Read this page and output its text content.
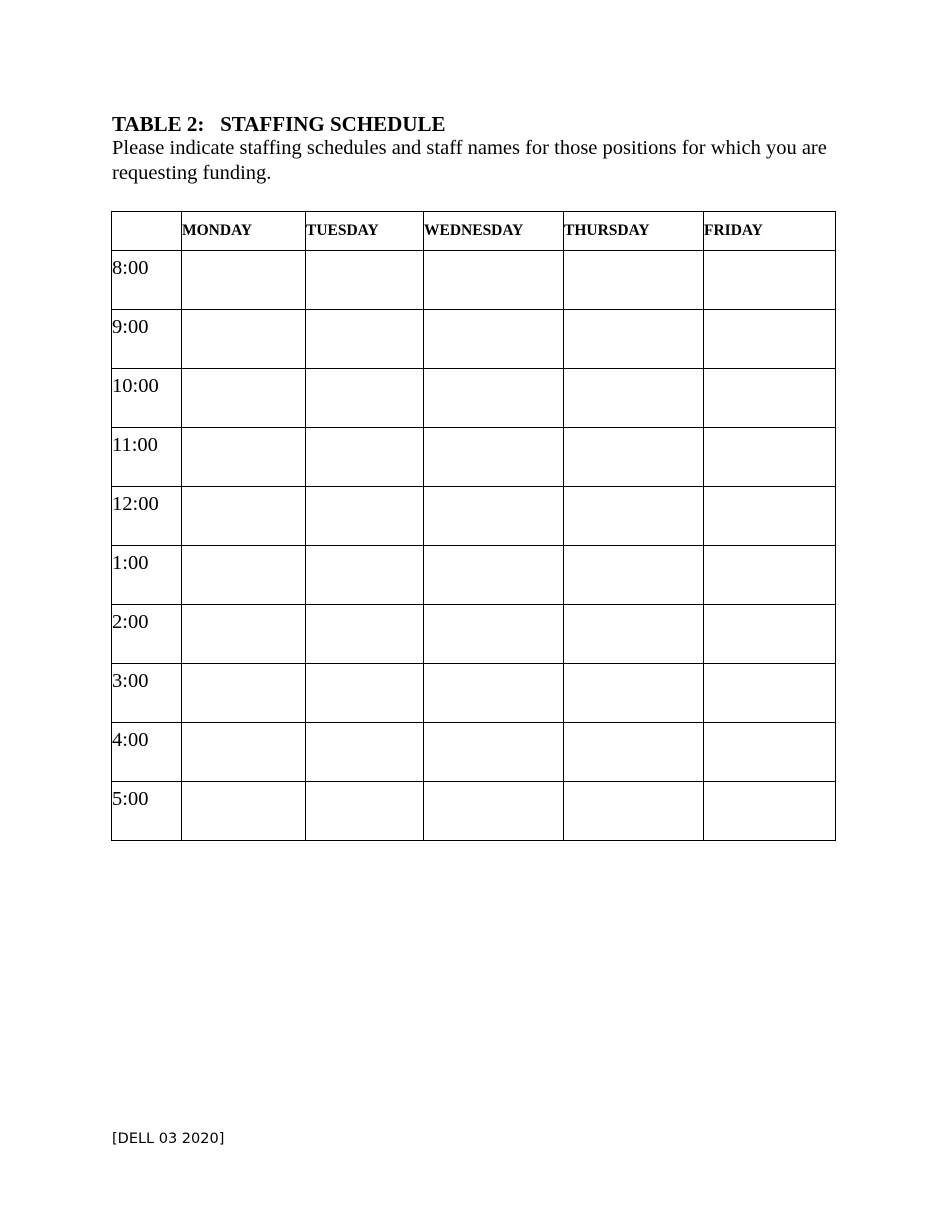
TABLE 2:   STAFFING SCHEDULE
Please indicate staffing schedules and staff names for those positions for which you are requesting funding.
	MONDAY	TUESDAY	WEDNESDAY	THURSDAY	FRIDAY
8:00					
9:00					
10:00					
11:00					
12:00					
1:00					
2:00					
3:00					
4:00					
5:00					
[DELL 03 2020]
